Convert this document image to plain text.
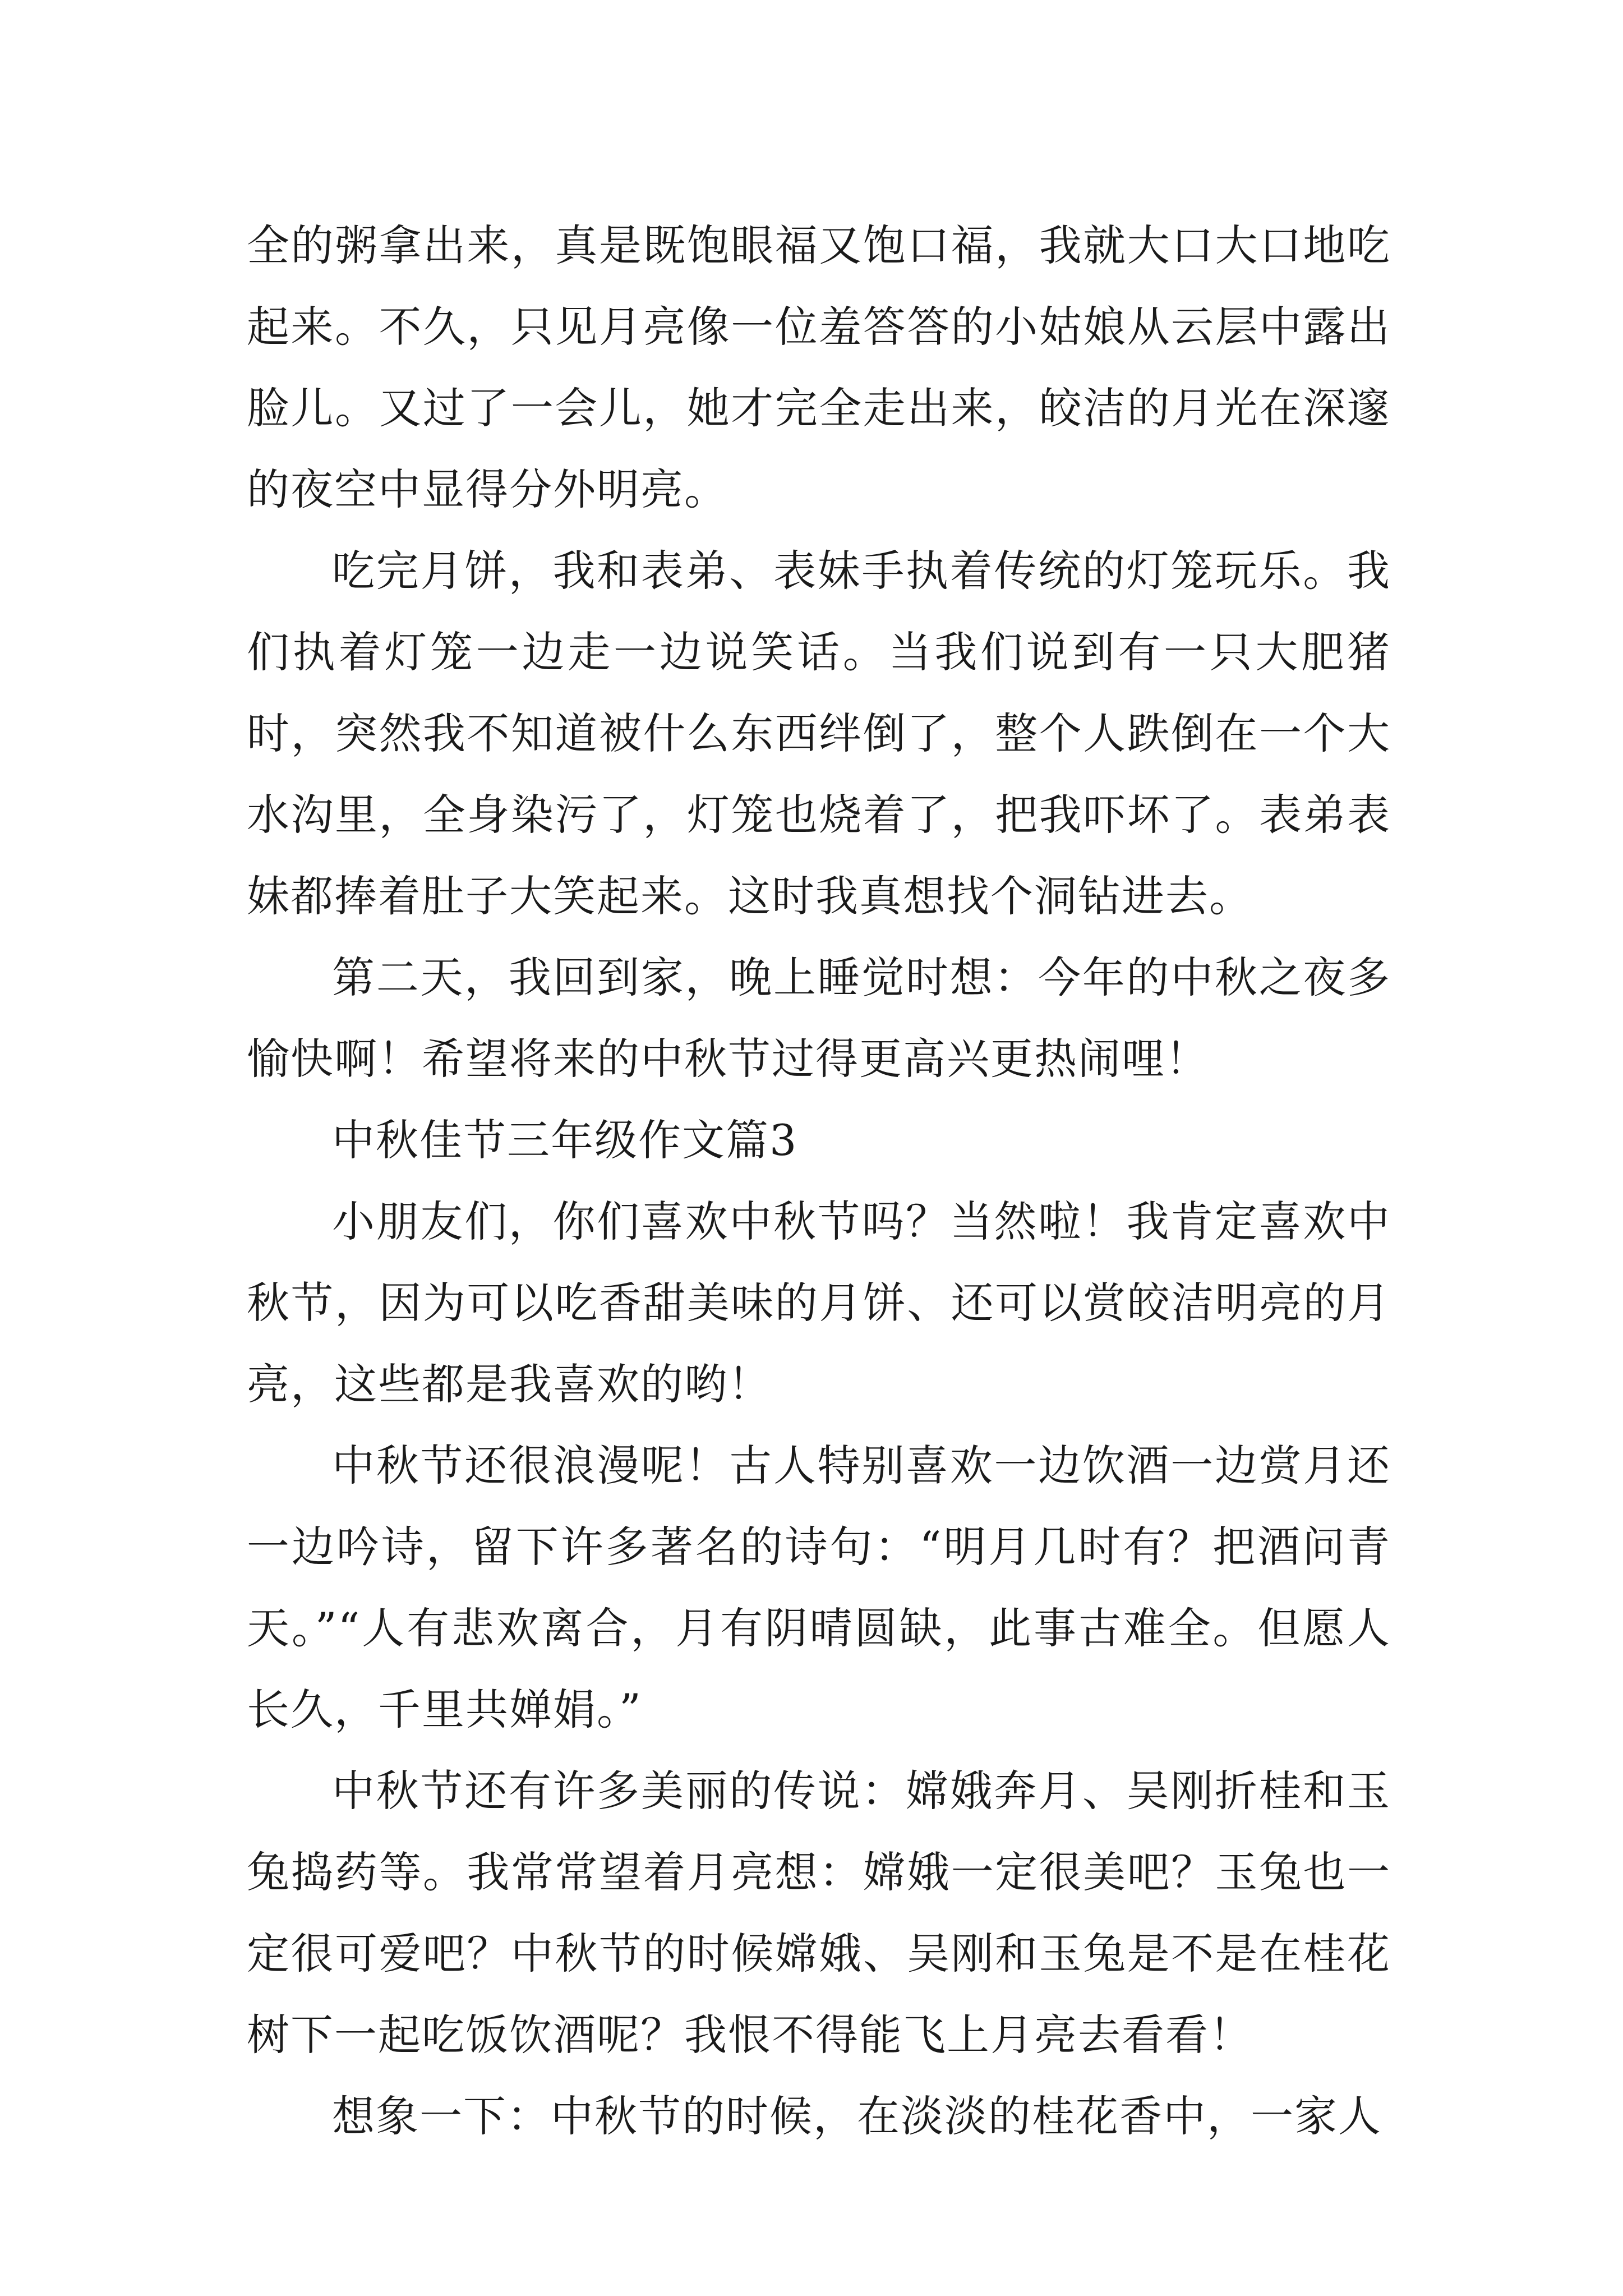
全的粥拿出来，真是既饱眼福又饱口福，我就大口大口地吃起来。不久，只见月亮像一位羞答答的小姑娘从云层中露出脸儿。又过了一会儿，她才完全走出来，皎洁的月光在深邃的夜空中显得分外明亮。

吃完月饼，我和表弟、表妹手执着传统的灯笼玩乐。我们执着灯笼一边走一边说笑话。当我们说到有一只大肥猪时，突然我不知道被什么东西绊倒了，整个人跌倒在一个大水沟里，全身染污了，灯笼也烧着了，把我吓坏了。表弟表妹都捧着肚子大笑起来。这时我真想找个洞钻进去。

第二天，我回到家，晚上睡觉时想：今年的中秋之夜多愉快啊！希望将来的中秋节过得更高兴更热闹哩！

中秋佳节三年级作文篇3

小朋友们，你们喜欢中秋节吗？当然啦！我肯定喜欢中秋节，因为可以吃香甜美味的月饼、还可以赏皎洁明亮的月亮，这些都是我喜欢的哟！

中秋节还很浪漫呢！古人特别喜欢一边饮酒一边赏月还一边吟诗，留下许多著名的诗句：“明月几时有？把酒问青天。”“人有悲欢离合，月有阴晴圆缺，此事古难全。但愿人长久，千里共婵娟。”

中秋节还有许多美丽的传说：嫦娥奔月、吴刚折桂和玉兔捣药等。我常常望着月亮想：嫦娥一定很美吧？玉兔也一定很可爱吧？中秋节的时候嫦娥、吴刚和玉兔是不是在桂花树下一起吃饭饮酒呢？我恨不得能飞上月亮去看看！

想象一下：中秋节的时候，在淡淡的桂花香中，一家人
